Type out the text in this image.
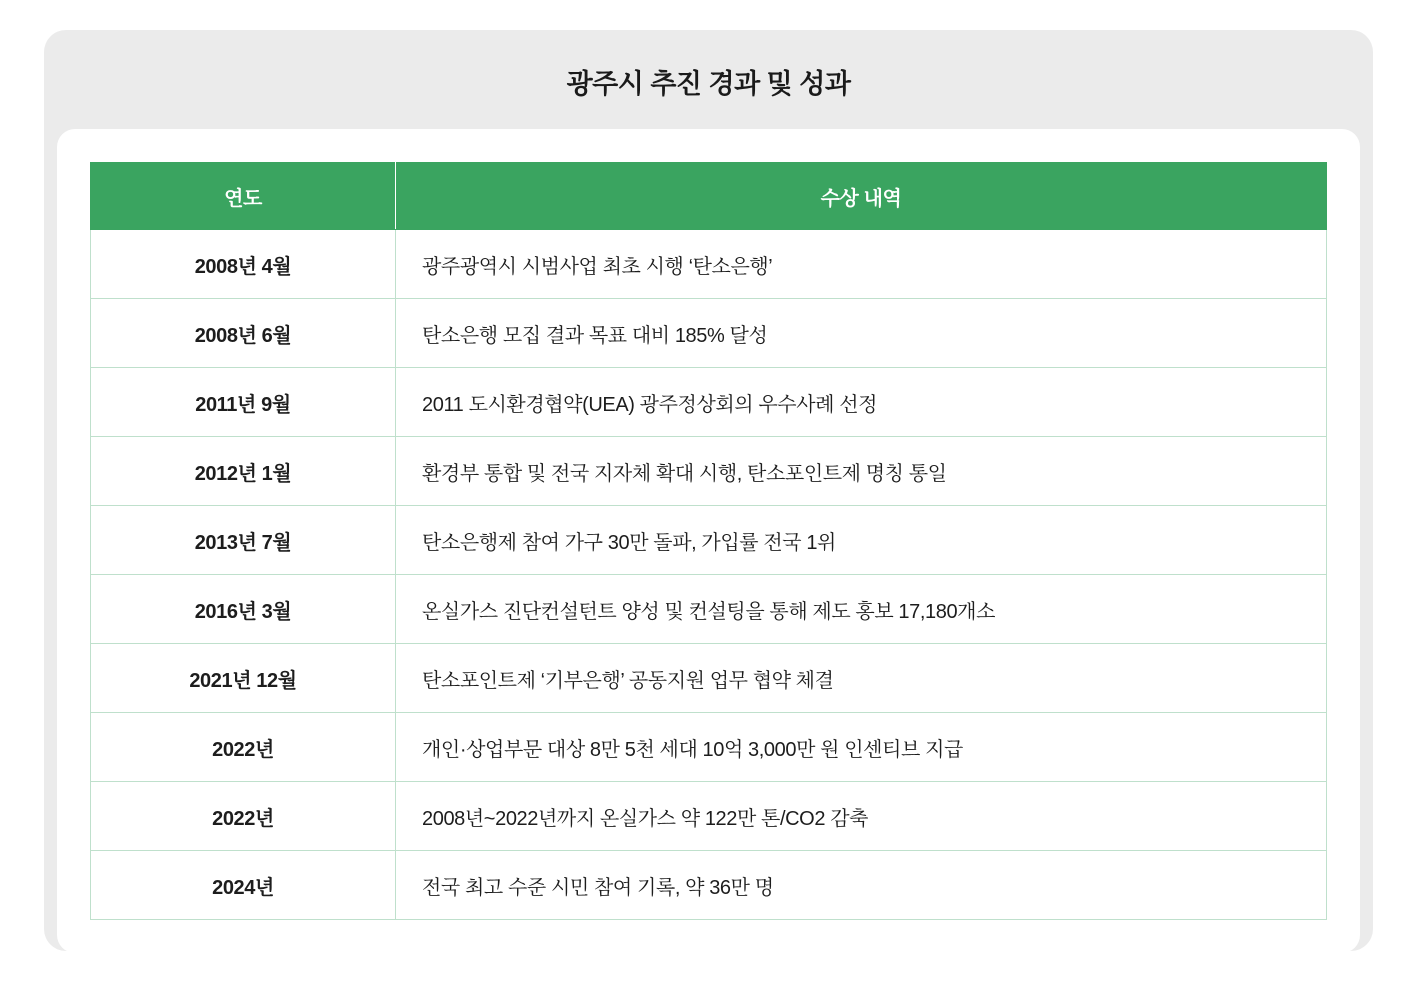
광주시 추진 경과 및 성과
연도	수상 내역
2008년 4월	광주광역시 시범사업 최초 시행 ‘탄소은행’
2008년 6월	탄소은행 모집 결과 목표 대비 185% 달성
2011년 9월	2011 도시환경협약(UEA) 광주정상회의 우수사례 선정
2012년 1월	환경부 통합 및 전국 지자체 확대 시행, 탄소포인트제 명칭 통일
2013년 7월	탄소은행제 참여 가구 30만 돌파, 가입률 전국 1위
2016년 3월	온실가스 진단컨설턴트 양성 및 컨설팅을 통해 제도 홍보 17,180개소
2021년 12월	탄소포인트제 ‘기부은행’ 공동지원 업무 협약 체결
2022년	개인·상업부문 대상 8만 5천 세대 10억 3,000만 원 인센티브 지급
2022년	2008년~2022년까지 온실가스 약 122만 톤/CO2 감축
2024년	전국 최고 수준 시민 참여 기록, 약 36만 명
